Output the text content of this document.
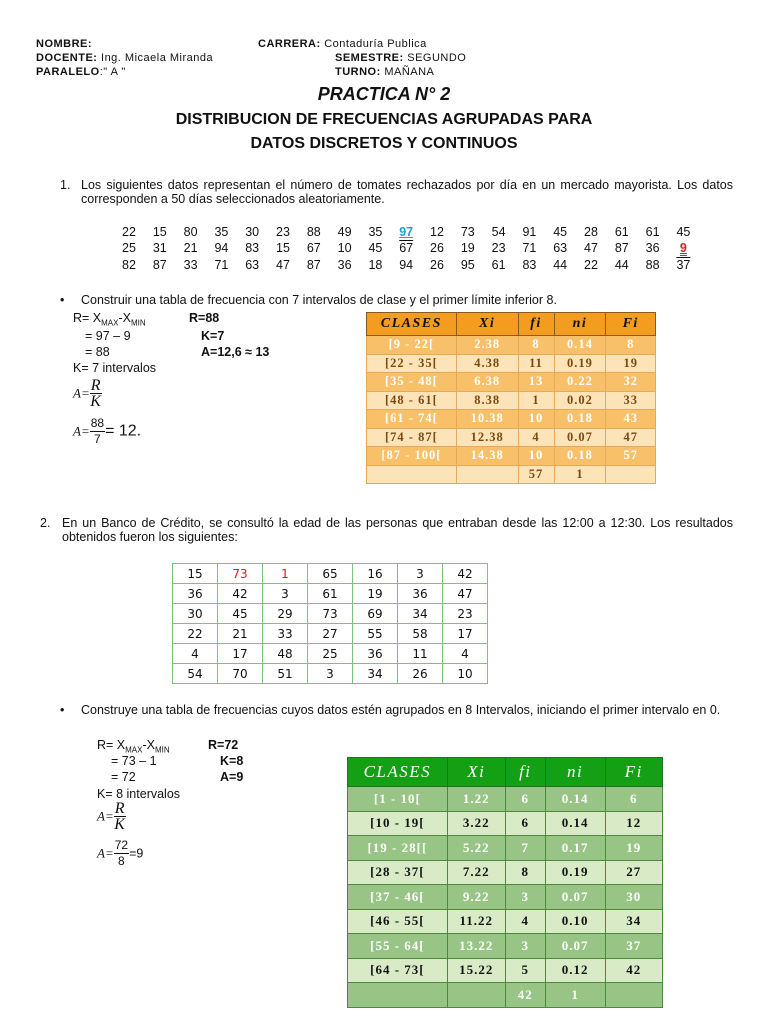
NOMBRE:
DOCENTE: Ing. Micaela Miranda
PARALELO:" A "
CARRERA: Contaduría Publica
SEMESTRE: SEGUNDO
TURNO: MAÑANA
PRACTICA N° 2
DISTRIBUCION DE FRECUENCIAS AGRUPADAS PARA
DATOS DISCRETOS Y CONTINUOS
1. Los siguientes datos representan el número de tomates rechazados por día en un mercado mayorista. Los datos corresponden a 50 días seleccionados aleatoriamente.
22	15	80	35	30	23	88	49	35	97	12	73	54	91	45	28	61	61	45
25	31	21	94	83	15	67	10	45	67	26	19	23	71	63	47	87	36	9
82	87	33	71	63	47	87	36	18	94	26	95	61	83	44	22	44	88	37
• Construir una tabla de frecuencia con 7 intervalos de clase y el primer límite inferior 8.
$R= X_{MAX}-X_{MIN}$
= 97 – 9
= 88
K= 7 intervalos
R=88
K=7
A=12,6 ≈ 13
$A= \frac{R}{K}$
$A= \frac{88}{7} = 12$.
CLASES	Xi	fi	ni	Fi
[9 - 22[	2.38	8	0.14	8
[22 - 35[	4.38	11	0.19	19
[35 - 48[	6.38	13	0.22	32
[48 - 61[	8.38	1	0.02	33
[61 - 74[	10.38	10	0.18	43
[74 - 87[	12.38	4	0.07	47
[87 - 100[	14.38	10	0.18	57
		57	1	
2. En un Banco de Crédito, se consultó la edad de las personas que entraban desde las 12:00 a 12:30. Los resultados obtenidos fueron los siguientes:
15	73	1	65	16	3	42
36	42	3	61	19	36	47
30	45	29	73	69	34	23
22	21	33	27	55	58	17
4	17	48	25	36	11	4
54	70	51	3	34	26	10
• Construye una tabla de frecuencias cuyos datos estén agrupados en 8 Intervalos, iniciando el primer intervalo en 0.
$R= X_{MAX}-X_{MIN}$
= 73 – 1
= 72
K= 8 intervalos
R=72
K=8
A=9
$A= \frac{R}{K}$
$A= \frac{72}{8} =9$
CLASES	Xi	fi	ni	Fi
[1 - 10[	1.22	6	0.14	6
[10 - 19[	3.22	6	0.14	12
[19 - 28[[	5.22	7	0.17	19
[28 - 37[	7.22	8	0.19	27
[37 - 46[	9.22	3	0.07	30
[46 - 55[	11.22	4	0.10	34
[55 - 64[	13.22	3	0.07	37
[64 - 73[	15.22	5	0.12	42
		42	1	
